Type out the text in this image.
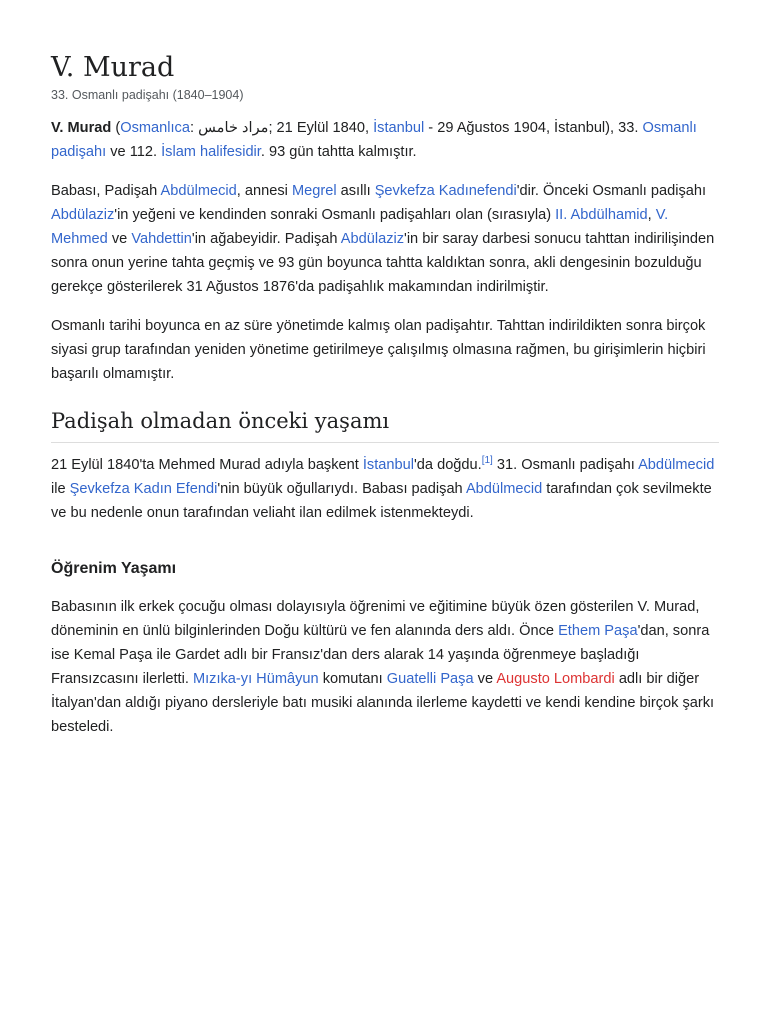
V. Murad
33. Osmanlı padişahı (1840–1904)

V. Murad (Osmanlıca: مراد خامس; 21 Eylül 1840, İstanbul - 29 Ağustos 1904, İstanbul), 33. Osmanlı padişahı ve 112. İslam halifesidir. 93 gün tahtta kalmıştır.

Babası, Padişah Abdülmecid, annesi Megrel asıllı Şevkefza Kadınefendi'dir. Önceki Osmanlı padişahı Abdülaziz'in yeğeni ve kendinden sonraki Osmanlı padişahları olan (sırasıyla) II. Abdülhamid, V. Mehmed ve Vahdettin'in ağabeyidir. Padişah Abdülaziz'in bir saray darbesi sonucu tahttan indirilişinden sonra onun yerine tahta geçmiş ve 93 gün boyunca tahtta kaldıktan sonra, akli dengesinin bozulduğu gerekçe gösterilerek 31 Ağustos 1876'da padişahlık makamından indirilmiştir.

Osmanlı tarihi boyunca en az süre yönetimde kalmış olan padişahtır. Tahttan indirildikten sonra birçok siyasi grup tarafından yeniden yönetime getirilmeye çalışılmış olmasına rağmen, bu girişimlerin hiçbiri başarılı olmamıştır.

Padişah olmadan önceki yaşamı

21 Eylül 1840'ta Mehmed Murad adıyla başkent İstanbul'da doğdu.[1] 31. Osmanlı padişahı Abdülmecid ile Şevkefza Kadın Efendi'nin büyük oğullarıydı. Babası padişah Abdülmecid tarafından çok sevilmekte ve bu nedenle onun tarafından veliaht ilan edilmek istenmekteydi.

Öğrenim Yaşamı

Babasının ilk erkek çocuğu olması dolayısıyla öğrenimi ve eğitimine büyük özen gösterilen V. Murad, döneminin en ünlü bilginlerinden Doğu kültürü ve fen alanında ders aldı. Önce Ethem Paşa'dan, sonra ise Kemal Paşa ile Gardet adlı bir Fransız'dan ders alarak 14 yaşında öğrenmeye başladığı Fransızcasını ilerletti. Mızıka-yı Hümâyun komutanı Guatelli Paşa ve Augusto Lombardi adlı bir diğer İtalyan'dan aldığı piyano dersleriyle batı musiki alanında ilerleme kaydetti ve kendi kendine birçok şarkı besteledi.
